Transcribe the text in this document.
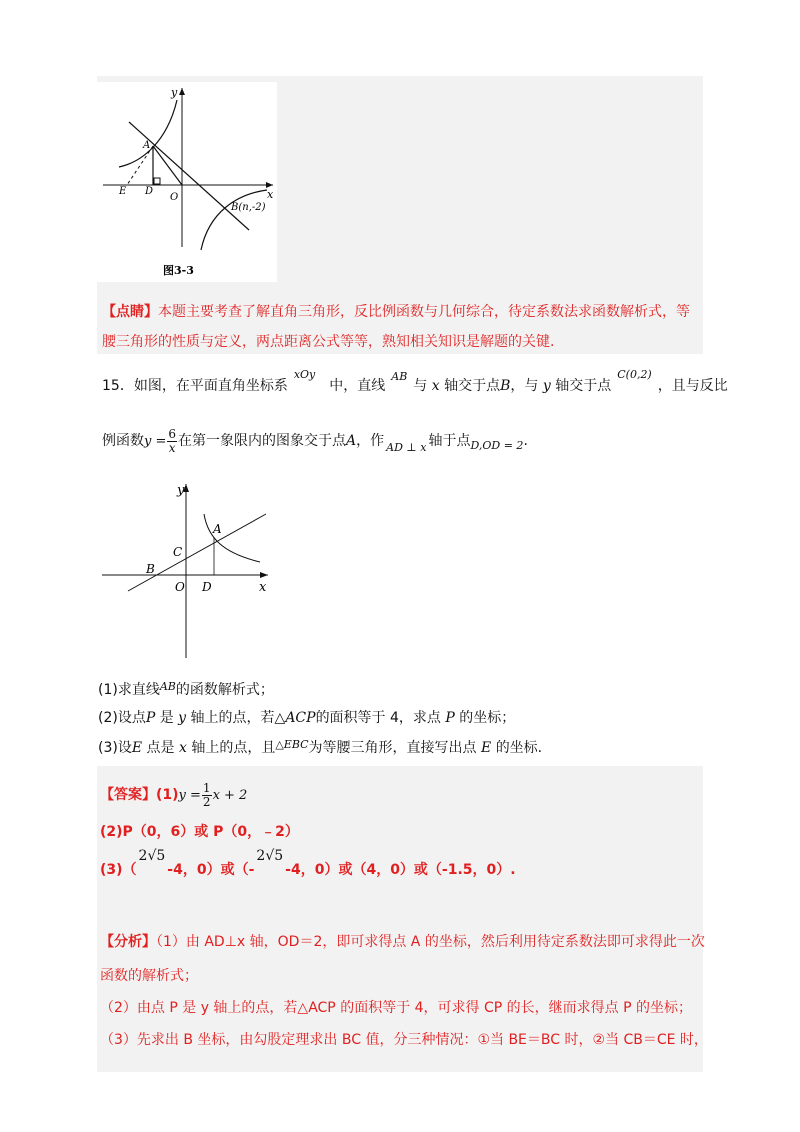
y
x
A
E D
O
B(n,-2)
图3-3
【点睛】本题主要考查了解直角三角形，反比例函数与几何综合，待定系数法求函数解析式，等
腰三角形的性质与定义，两点距离公式等等，熟知相关知识是解题的关键.
15．如图，在平面直角坐标系$^{xOy}$中，直线$^{AB}$与 x 轴交于点B，与 y 轴交于点$^{C(0,2)}$，且与反比
例函数$y = \frac{6}{x}$ 在第一象限内的图象交于点A，作 $_{AD \perp x}$ 轴于点$_{D,OD = 2}$.
y
x
A
C
B
O D
(1)求直线$^{AB}$的函数解析式；
(2)设点P 是 y 轴上的点，若△ACP的面积等于 4，求点 P 的坐标；
(3)设E 点是 x 轴上的点，且$^{\triangle EBC}$为等腰三角形，直接写出点 E 的坐标.
【答案】$(1)y = \frac{1}{2}$ x + 2
(2)P（0，6）或 P（0，﹣2）
(3)（2√5-4，0）或（-2√5-4，0）或（4，0）或（-1.5，0）.
【分析】（1）由 AD⊥x 轴，OD＝2，即可求得点 A 的坐标，然后利用待定系数法即可求得此一次
函数的解析式；
（2）由点 P 是 y 轴上的点，若△ACP 的面积等于 4，可求得 CP 的长，继而求得点 P 的坐标；
（3）先求出 B 坐标，由勾股定理求出 BC 值，分三种情况：①当 BE＝BC 时，②当 CB＝CE 时，
